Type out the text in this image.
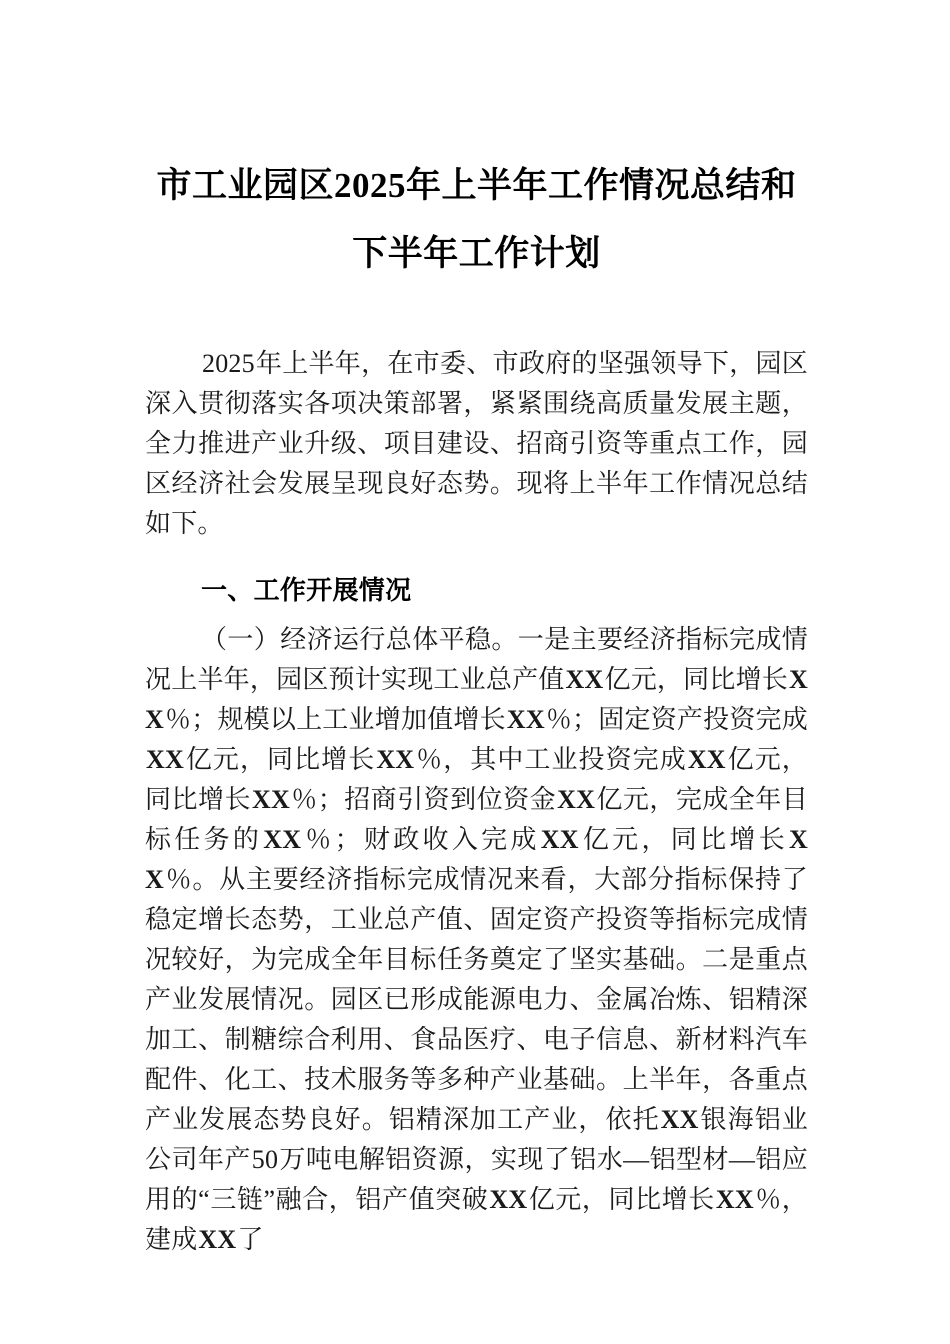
市工业园区2025年上半年工作情况总结和
下半年工作计划

2025年上半年，在市委、市政府的坚强领导下，园区深入贯彻落实各项决策部署，紧紧围绕高质量发展主题，全力推进产业升级、项目建设、招商引资等重点工作，园区经济社会发展呈现良好态势。现将上半年工作情况总结如下。

一、工作开展情况

（一）经济运行总体平稳。一是主要经济指标完成情况上半年，园区预计实现工业总产值XX亿元，同比增长XX％；规模以上工业增加值增长XX％；固定资产投资完成XX亿元，同比增长XX％，其中工业投资完成XX亿元，同比增长XX％；招商引资到位资金XX亿元，完成全年目标任务的XX％；财政收入完成XX亿元，同比增长XX％。从主要经济指标完成情况来看，大部分指标保持了稳定增长态势，工业总产值、固定资产投资等指标完成情况较好，为完成全年目标任务奠定了坚实基础。二是重点产业发展情况。园区已形成能源电力、金属冶炼、铝精深加工、制糖综合利用、食品医疗、电子信息、新材料汽车配件、化工、技术服务等多种产业基础。上半年，各重点产业发展态势良好。铝精深加工产业，依托XX银海铝业公司年产50万吨电解铝资源，实现了铝水—铝型材—铝应用的“三链”融合，铝产值突破XX亿元，同比增长XX％，建成XX了
